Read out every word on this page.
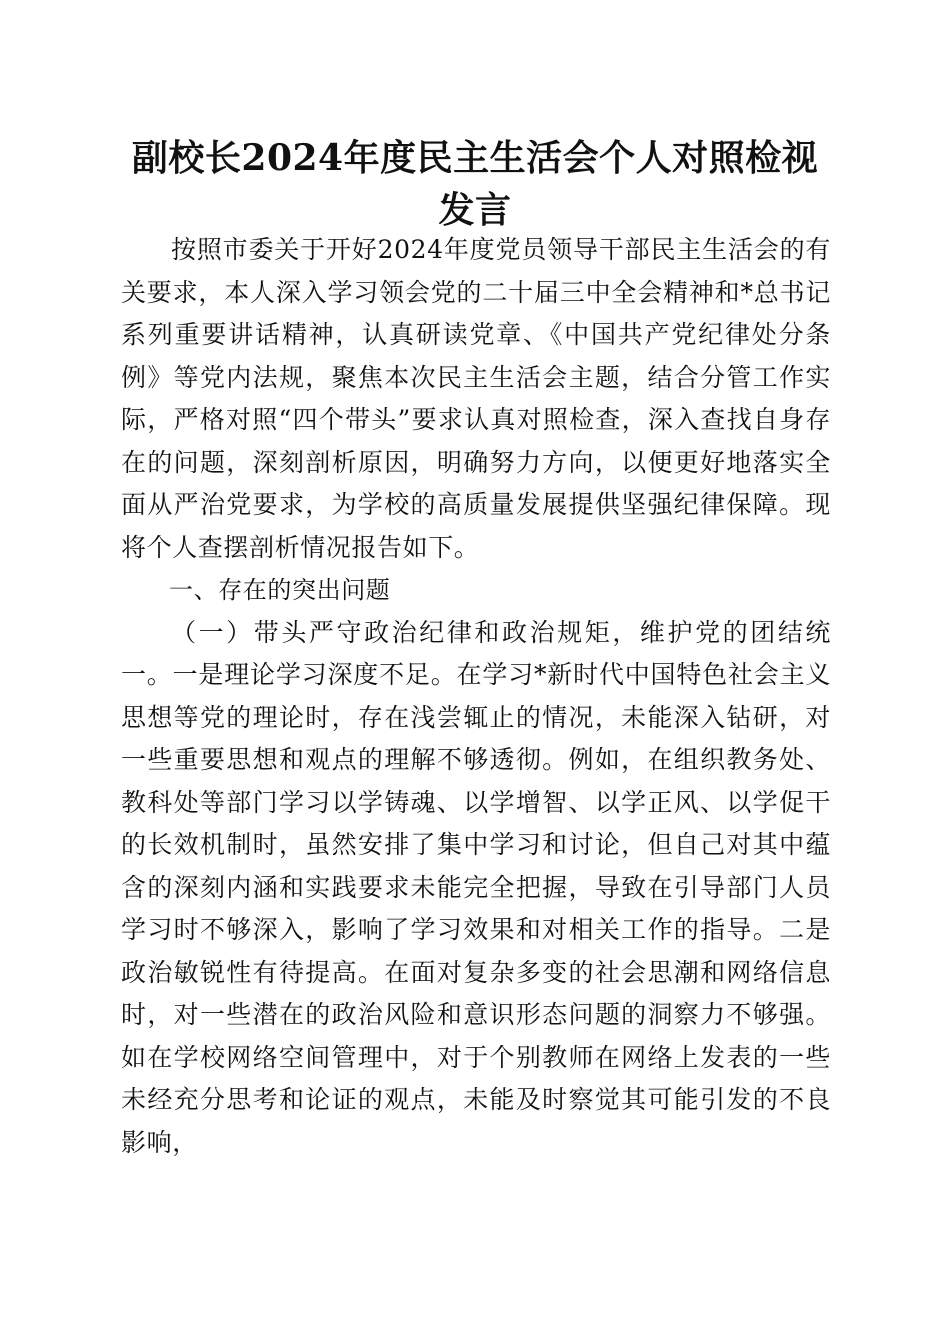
副校长2024年度民主生活会个人对照检视发言

按照市委关于开好2024年度党员领导干部民主生活会的有关要求，本人深入学习领会党的二十届三中全会精神和*总书记系列重要讲话精神，认真研读党章、《中国共产党纪律处分条例》等党内法规，聚焦本次民主生活会主题，结合分管工作实际，严格对照“四个带头”要求认真对照检查，深入查找自身存在的问题，深刻剖析原因，明确努力方向，以便更好地落实全面从严治党要求，为学校的高质量发展提供坚强纪律保障。现将个人查摆剖析情况报告如下。

一、存在的突出问题

（一）带头严守政治纪律和政治规矩，维护党的团结统一。一是理论学习深度不足。在学习*新时代中国特色社会主义思想等党的理论时，存在浅尝辄止的情况，未能深入钻研，对一些重要思想和观点的理解不够透彻。例如，在组织教务处、教科处等部门学习以学铸魂、以学增智、以学正风、以学促干的长效机制时，虽然安排了集中学习和讨论，但自己对其中蕴含的深刻内涵和实践要求未能完全把握，导致在引导部门人员学习时不够深入，影响了学习效果和对相关工作的指导。二是政治敏锐性有待提高。在面对复杂多变的社会思潮和网络信息时，对一些潜在的政治风险和意识形态问题的洞察力不够强。如在学校网络空间管理中，对于个别教师在网络上发表的一些未经充分思考和论证的观点，未能及时察觉其可能引发的不良影响，
